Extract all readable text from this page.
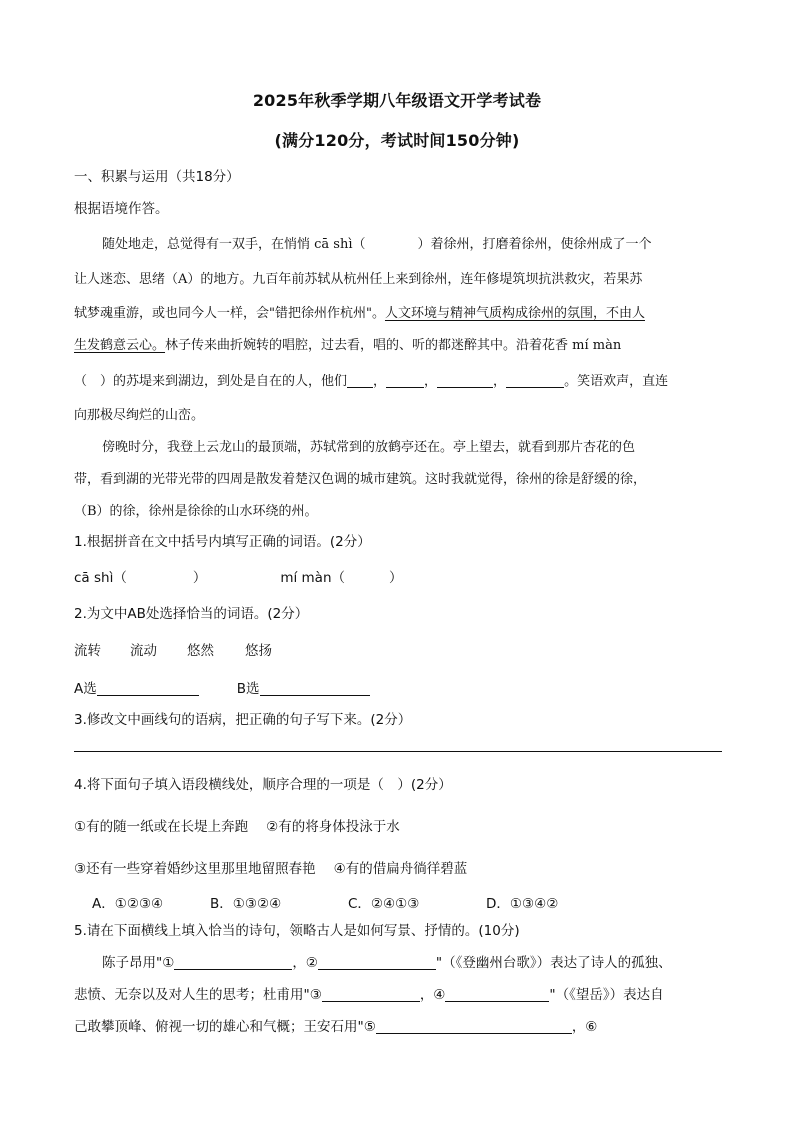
2025年秋季学期八年级语文开学考试卷
(满分120分，考试时间150分钟)
一、积累与运用（共18分）
根据语境作答。
随处地走，总觉得有一双手，在悄悄 cā shì（	）着徐州，打磨着徐州，使徐州成了一个
让人迷恋、思绪（A）的地方。九百年前苏轼从杭州任上来到徐州，连年修堤筑坝抗洪救灾，若果苏
轼梦魂重游，或也同今人一样，会"错把徐州作杭州"。人文环境与精神气质构成徐州的氛围，不由人
生发鹤意云心。林子传来曲折婉转的唱腔，过去看，唱的、听的都迷醉其中。沿着花香 mí màn
（　）的苏堤来到湖边，到处是自在的人，他们 ，	，	，	。笑语欢声，直连
向那极尽绚烂的山峦。
傍晚时分，我登上云龙山的最顶端，苏轼常到的放鹤亭还在。亭上望去，就看到那片杏花的色
带，看到湖的光带光带的四周是散发着楚汉色调的城市建筑。这时我就觉得，徐州的徐是舒缓的徐，
（B）的徐，徐州是徐徐的山水环绕的州。
1.根据拼音在文中括号内填写正确的词语。(2分）
cā shì（	）	mí màn（	）
2.为文中AB处选择恰当的词语。(2分）
流转 流动 悠然 悠扬
A选	B选
3.修改文中画线句的语病，把正确的句子写下来。(2分）
4.将下面句子填入语段横线处，顺序合理的一项是（　）(2分）
①有的随一纸或在长堤上奔跑 ②有的将身体投泳于水
③还有一些穿着婚纱这里那里地留照春艳 ④有的借扁舟徜徉碧蓝
A．①②③④	B．①③②④	C．②④①③	D．①③④②
5.请在下面横线上填入恰当的诗句，领略古人是如何写景、抒情的。(10分)
陈子昂用"①	，②	"（《登幽州台歌》）表达了诗人的孤独、
悲愤、无奈以及对人生的思考；杜甫用"③	，④	"（《望岳》）表达自
己敢攀顶峰、俯视一切的雄心和气概；王安石用"⑤	，⑥
